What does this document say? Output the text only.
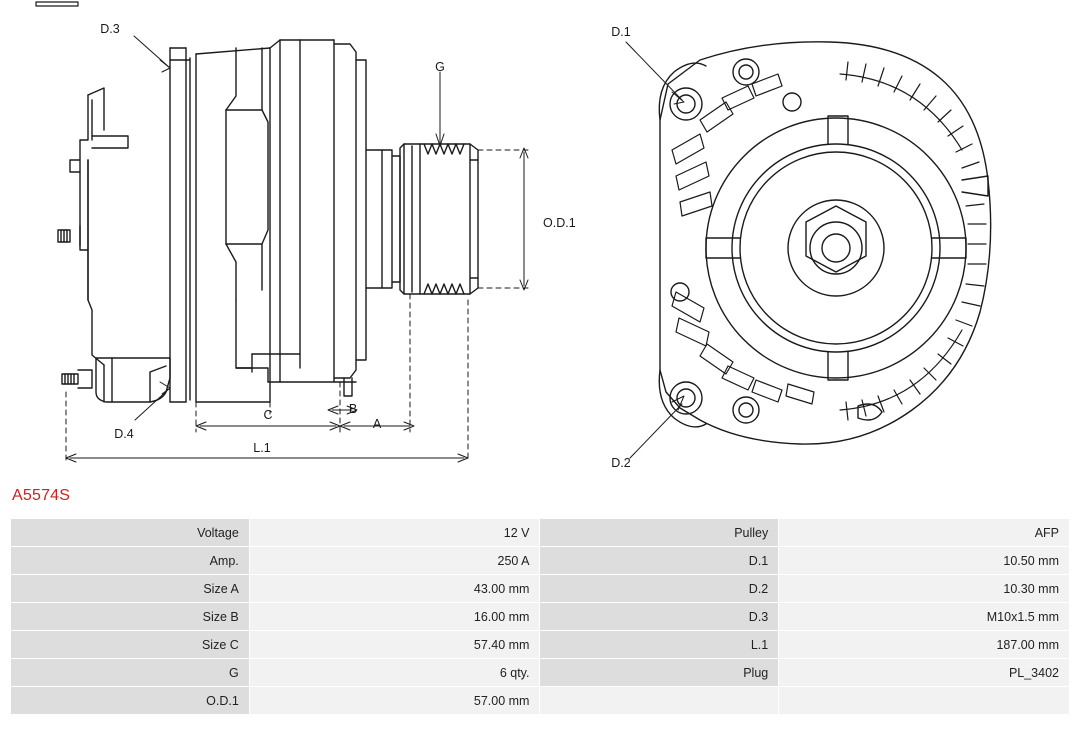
D.3
D.4
G
O.D.1
A
B
C
L.1
D.1
D.2
A5574S
Voltage	12 V	Pulley	AFP
Amp.	250 A	D.1	10.50 mm
Size A	43.00 mm	D.2	10.30 mm
Size B	16.00 mm	D.3	M10x1.5 mm
Size C	57.40 mm	L.1	187.00 mm
G	6 qty.	Plug	PL_3402
O.D.1	57.00 mm		
